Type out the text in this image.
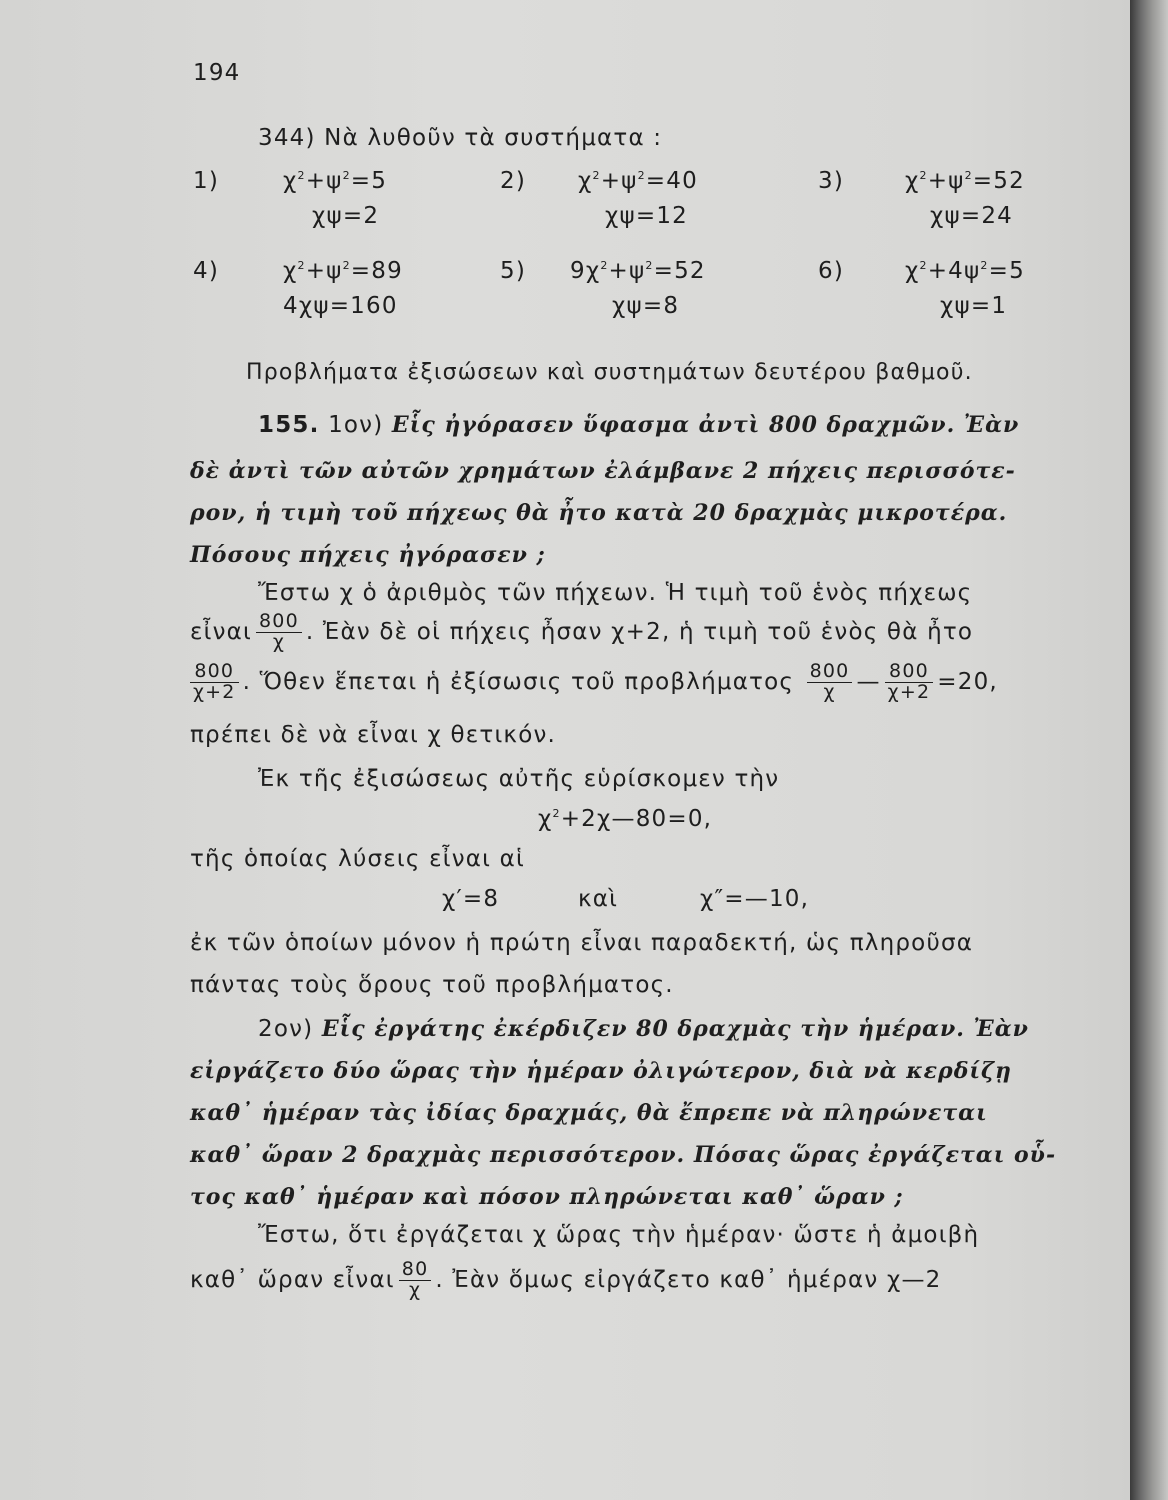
194
344) Νὰ λυθοῦν τὰ συστήματα :
1)	$\chi^2+\psi^2=5$
χψ=2
2) $\chi^2+\psi^2=40$
χψ=12
3)	$\chi^2+\psi^2=52$
χψ=24
4)	$\chi^2+\psi^2=89$
4χψ=160
5) $9\chi^2+\psi^2=52$
χψ=8
6)	$\chi^2+4\psi^2=5$
χψ=1
Προβλήματα ἐξισώσεων καὶ συστημάτων δευτέρου βαθμοῦ.
155. 1ον) Εἷς ἠγόρασεν ὕφασμα ἀντὶ 800 δραχμῶν. Ἐὰν
δὲ ἀντὶ τῶν αὐτῶν χρημάτων ἐλάμβανε 2 πήχεις περισσότε-
ρον, ἡ τιμὴ τοῦ πήχεως θὰ ἦτο κατὰ 20 δραχμὰς μικροτέρα.
Πόσους πήχεις ἠγόρασεν ;
Ἔστω χ ὁ ἀριθμὸς τῶν πήχεων. Ἡ τιμὴ τοῦ ἑνὸς πήχεως
εἶναι $\frac{800}{\chi}$ . Ἐὰν δὲ οἱ πήχεις ἦσαν χ+2, ἡ τιμὴ τοῦ ἑνὸς θὰ ἦτο
$\frac{800}{\chi+2}$ . Ὅθεν ἕπεται ἡ ἐξίσωσις τοῦ προβλήματος $\frac{800}{\chi}$ — $\frac{800}{\chi+2} =20$,
πρέπει δὲ νὰ εἶναι χ θετικόν.
Ἐκ τῆς ἐξισώσεως αὐτῆς εὑρίσκομεν τὴν
$\chi^2+2\chi—80=0$,
τῆς ὁποίας λύσεις εἶναι αἱ
χ′=8	καὶ	χ″=—10,
ἐκ τῶν ὁποίων μόνον ἡ πρώτη εἶναι παραδεκτή, ὡς πληροῦσα
πάντας τοὺς ὅρους τοῦ προβλήματος.
2ον) Εἷς ἐργάτης ἐκέρδιζεν 80 δραχμὰς τὴν ἡμέραν. Ἐὰν
εἰργάζετο δύο ὥρας τὴν ἡμέραν ὀλιγώτερον, διὰ νὰ κερδίζῃ
καθ᾽ ἡμέραν τὰς ἰδίας δραχμάς, θὰ ἔπρεπε νὰ πληρώνεται
καθ᾽ ὥραν 2 δραχμὰς περισσότερον. Πόσας ὥρας ἐργάζεται οὗ-
τος καθ᾽ ἡμέραν καὶ πόσον πληρώνεται καθ᾽ ὥραν ;
Ἔστω, ὅτι ἐργάζεται χ ὥρας τὴν ἡμέραν· ὥστε ἡ ἀμοιβὴ
καθ᾽ ὥραν εἶναι $\frac{80}{\chi}$ . Ἐὰν ὅμως εἰργάζετο καθ᾽ ἡμέραν χ—2
